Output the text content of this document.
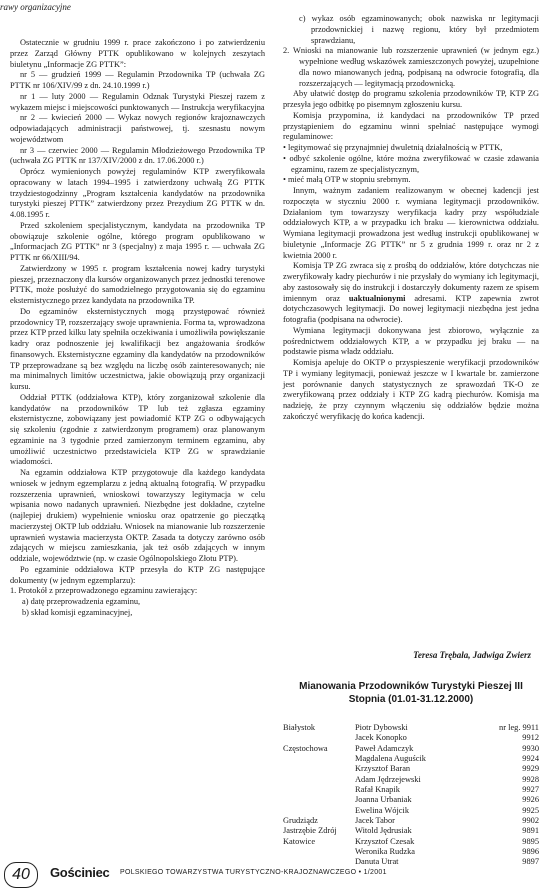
rawy organizacyjne

Ostatecznie w grudniu 1999 r. prace zakończono i po zatwierdzeniu przez Zarząd Główny PTTK opublikowano w kolejnych zeszytach biuletynu „Informacje ZG PTTK”:

nr 5 — grudzień 1999 — Regulamin Przodownika TP (uchwała ZG PTTK nr 106/XIV/99 z dn. 24.10.1999 r.)

nr 1 — luty 2000 — Regulamin Odznak Turystyki Pieszej razem z wykazem miejsc i miejscowości punktowanych — Instrukcja weryfikacyjna

nr 2 — kwiecień 2000 — Wykaz nowych regionów krajoznawczych odpowiadających administracji państwowej, tj. szesnastu nowym województwom

nr 3 — czerwiec 2000 — Regulamin Młodzieżowego Przodownika TP (uchwała ZG PTTK nr 137/XIV/2000 z dn. 17.06.2000 r.)

Oprócz wymienionych powyżej regulaminów KTP zweryfikowała opracowany w latach 1994–1995 i zatwierdzony uchwałą ZG PTTK trzydziestogodzinny „Program kształcenia kandydatów na przodownika turystyki pieszej PTTK” zatwierdzony przez Prezydium ZG PTTK w dn. 4.08.1995 r.

Przed szkoleniem specjalistycznym, kandydata na przodownika TP obowiązuje szkolenie ogólne, którego program opublikowano w „Informacjach ZG PTTK” nr 3 (specjalny) z maja 1995 r. — uchwała ZG PTTK nr 66/XIII/94.

Zatwierdzony w 1995 r. program kształcenia nowej kadry turystyki pieszej, przeznaczony dla kursów organizowanych przez jednostki terenowe PTTK, może posłużyć do samodzielnego przygotowania się do egzaminu eksternistycznego przez kandydata na przodownika TP.

Do egzaminów eksternistycznych mogą przystępować również przodownicy TP, rozszerzający swoje uprawnienia. Forma ta, wprowadzona przez KTP przed kilku laty spełniła oczekiwania i umożliwiła powiększanie kadry oraz podnoszenie jej kwalifikacji bez angażowania środków finansowych. Eksternistyczne egzaminy dla kandydatów na przodowników TP przeprowadzane są bez względu na liczbę osób zainteresowanych; nie ma minimalnych limitów uczestnictwa, jakie obowiązują przy organizacji kursu.

Oddział PTTK (oddziałowa KTP), który zorganizował szkolenie dla kandydatów na przodowników TP lub też zgłasza egzaminy eksternistyczne, zobowiązany jest powiadomić KTP ZG o odbywających się szkoleniu (zgodnie z zatwierdzonym programem) oraz planowanym egzaminie na 3 tygodnie przed zamierzonym terminem egzaminu, aby umożliwić uczestnictwo przedstawiciela KTP ZG w sprawdzianie wiadomości.

Na egzamin oddziałowa KTP przygotowuje dla każdego kandydata wniosek w jednym egzemplarzu z jedną aktualną fotografią. W przypadku rozszerzenia uprawnień, wnioskowi towarzyszy legitymacja w celu wpisania nowo nadanych uprawnień. Niezbędne jest dokładne, czytelne (najlepiej drukiem) wypełnienie wniosku oraz opatrzenie go pieczątką macierzystej OKTP lub oddziału. Wniosek na mianowanie lub rozszerzenie uprawnień wystawia macierzysta OKTP. Zasada ta dotyczy zarówno osób zdających w miejscu zamieszkania, jak też osób zdających w innym oddziale, województwie (np. w czasie Ogólnopolskiego Złotu PTP).

Po egzaminie oddziałowa KTP przesyła do KTP ZG następujące dokumenty (w jednym egzemplarzu):

1. Protokół z przeprowadzonego egzaminu zawierający:

a) datę przeprowadzenia egzaminu,

b) skład komisji egzaminacyjnej,

c) wykaz osób egzaminowanych; obok nazwiska nr legitymacji przodownickiej i nazwę regionu, który był przedmiotem sprawdzianu,

2. Wnioski na mianowanie lub rozszerzenie uprawnień (w jednym egz.) wypełnione według wskazówek zamieszczonych powyżej, uzupełnione dla nowo mianowanych jedną, podpisaną na odwrocie fotografią, dla rozszerzających — legitymacją przodownicką.

Aby ułatwić dostęp do programu szkolenia przodowników TP, KTP ZG przesyła jego odbitkę po pisemnym zgłoszeniu kursu.

Komisja przypomina, iż kandydaci na przodowników TP przed przystąpieniem do egzaminu winni spełniać następujące wymogi regulaminowe:

• legitymować się przynajmniej dwuletnią działalnością w PTTK,

• odbyć szkolenie ogólne, które można zweryfikować w czasie zdawania egzaminu, razem ze specjalistycznym,

• mieć małą OTP w stopniu srebrnym.

Innym, ważnym zadaniem realizowanym w obecnej kadencji jest rozpoczęta w styczniu 2000 r. wymiana legitymacji przodowników. Działaniom tym towarzyszy weryfikacja kadry przy współudziale oddziałowych KTP, a w przypadku ich braku — kierownictwa oddziału. Wymiana legitymacji prowadzona jest według instrukcji opublikowanej w biuletynie „Informacje ZG PTTK” nr 5 z grudnia 1999 r. oraz nr 2 z kwietnia 2000 r.

Komisja TP ZG zwraca się z prośbą do oddziałów, które dotychczas nie zweryfikowały kadry piechurów i nie przysłały do wymiany ich legitymacji, aby zastosowały się do instrukcji i dostarczyły dokumenty razem ze spisem imiennym oraz uaktualnionymi adresami. KTP zapewnia zwrot dotychczasowych legitymacji. Do nowej legitymacji niezbędna jest jedna fotografia (podpisana na odwrocie).

Wymiana legitymacji dokonywana jest zbiorowo, wyłącznie za pośrednictwem oddziałowych KTP, a w przypadku jej braku — na podstawie pisma władz oddziału.

Komisja apeluje do OKTP o przyspieszenie weryfikacji przodowników TP i wymiany legitymacji, ponieważ jeszcze w I kwartale br. zamierzone jest porównanie danych statystycznych ze sprawozdań TK-O ze zweryfikowaną przez oddziały i KTP ZG kadrą piechurów. Komisja ma nadzieję, że przy czynnym włączeniu się oddziałów będzie można zakończyć weryfikację do końca kadencji.

Teresa Trębala, Jadwiga Zwierz
Mianowania Przodowników Turystyki Pieszej III Stopnia (01.01-31.12.2000)
Białystok	Piotr Dybowski	nr leg. 9911
Jacek Konopko	9912
Częstochowa	Paweł Adamczyk	9930
Magdalena Auguścik	9924
Krzysztof Baran	9929
Adam Jędrzejewski	9928
Rafał Knapik	9927
Joanna Urbaniak	9926
Ewelina Wójcik	9925
Grudziądz	Jacek Tabor	9902
Jastrzębie Zdrój	Witold Jędrusiak	9891
Katowice	Krzysztof Czesak	9895
Weronika Rudzka	9896
Danuta Utrat	9897
40	Gościniec POLSKIEGO TOWARZYSTWA TURYSTYCZNO-KRAJOZNAWCZEGO • 1/2001
